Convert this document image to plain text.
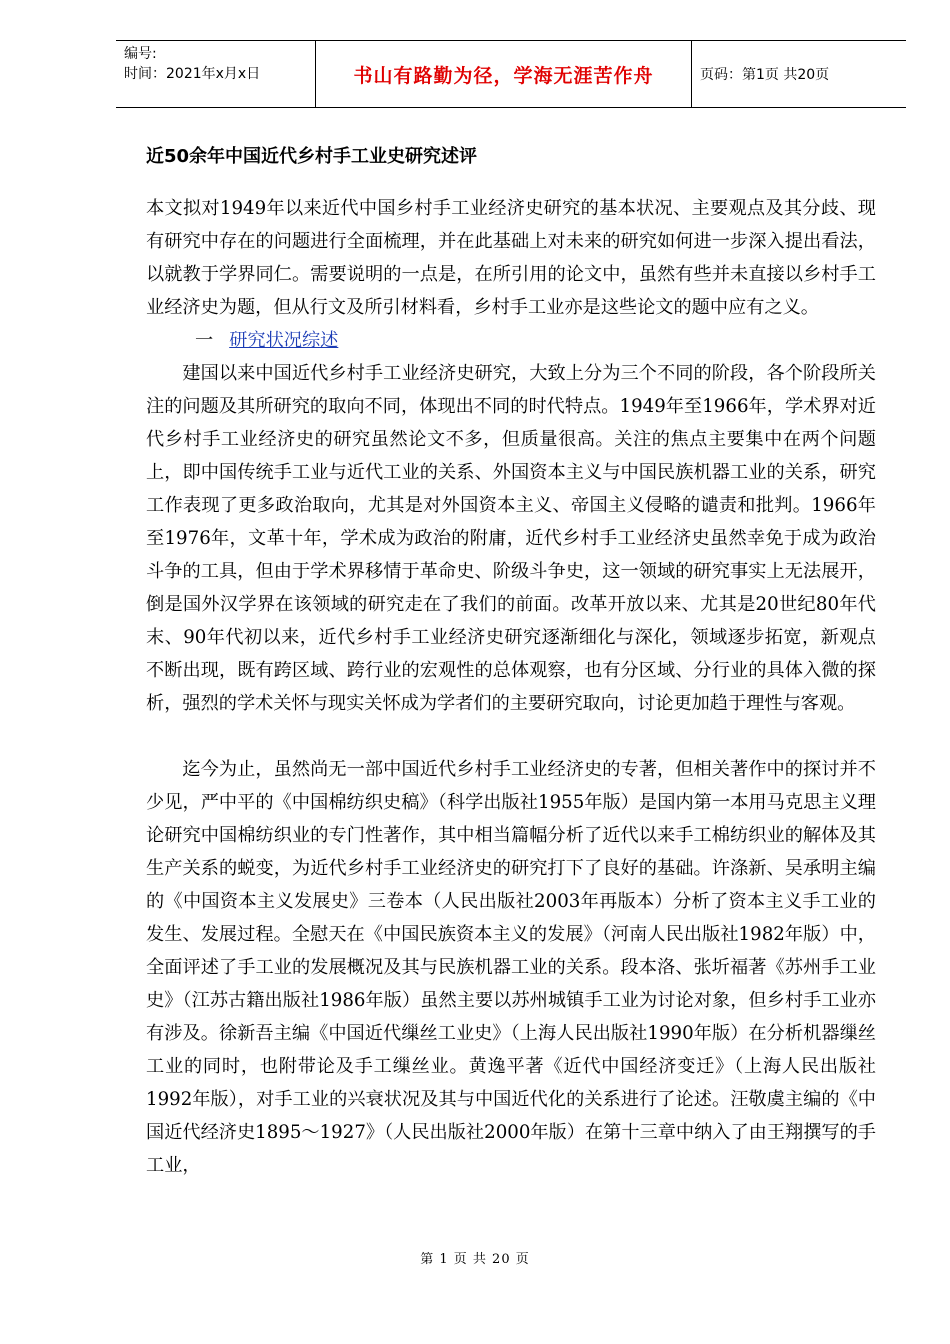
编号:
时间：2021年x月x日	书山有路勤为径，学海无涯苦作舟	页码：第1页 共20页
近50余年中国近代乡村手工业史研究述评

本文拟对1949年以来近代中国乡村手工业经济史研究的基本状况、主要观点及其分歧、现有研究中存在的问题进行全面梳理，并在此基础上对未来的研究如何进一步深入提出看法，以就教于学界同仁。需要说明的一点是，在所引用的论文中，虽然有些并未直接以乡村手工业经济史为题，但从行文及所引材料看，乡村手工业亦是这些论文的题中应有之义。

一 研究状况综述

建国以来中国近代乡村手工业经济史研究，大致上分为三个不同的阶段，各个阶段所关注的问题及其所研究的取向不同，体现出不同的时代特点。1949年至1966年，学术界对近代乡村手工业经济史的研究虽然论文不多，但质量很高。关注的焦点主要集中在两个问题上，即中国传统手工业与近代工业的关系、外国资本主义与中国民族机器工业的关系，研究工作表现了更多政治取向，尤其是对外国资本主义、帝国主义侵略的谴责和批判。1966年至1976年，文革十年，学术成为政治的附庸，近代乡村手工业经济史虽然幸免于成为政治斗争的工具，但由于学术界移情于革命史、阶级斗争史，这一领域的研究事实上无法展开，倒是国外汉学界在该领域的研究走在了我们的前面。改革开放以来、尤其是20世纪80年代末、90年代初以来，近代乡村手工业经济史研究逐渐细化与深化，领域逐步拓宽，新观点不断出现，既有跨区域、跨行业的宏观性的总体观察，也有分区域、分行业的具体入微的探析，强烈的学术关怀与现实关怀成为学者们的主要研究取向，讨论更加趋于理性与客观。

迄今为止，虽然尚无一部中国近代乡村手工业经济史的专著，但相关著作中的探讨并不少见，严中平的《中国棉纺织史稿》（科学出版社1955年版）是国内第一本用马克思主义理论研究中国棉纺织业的专门性著作，其中相当篇幅分析了近代以来手工棉纺织业的解体及其生产关系的蜕变，为近代乡村手工业经济史的研究打下了良好的基础。许涤新、吴承明主编的《中国资本主义发展史》三卷本（人民出版社2003年再版本）分析了资本主义手工业的发生、发展过程。全慰天在《中国民族资本主义的发展》（河南人民出版社1982年版）中，全面评述了手工业的发展概况及其与民族机器工业的关系。段本洛、张圻福著《苏州手工业史》（江苏古籍出版社1986年版）虽然主要以苏州城镇手工业为讨论对象，但乡村手工业亦有涉及。徐新吾主编《中国近代缫丝工业史》（上海人民出版社1990年版）在分析机器缫丝工业的同时，也附带论及手工缫丝业。黄逸平著《近代中国经济变迁》（上海人民出版社1992年版），对手工业的兴衰状况及其与中国近代化的关系进行了论述。汪敬虞主编的《中国近代经济史1895～1927》（人民出版社2000年版）在第十三章中纳入了由王翔撰写的手工业，

第 1 页 共 20 页
